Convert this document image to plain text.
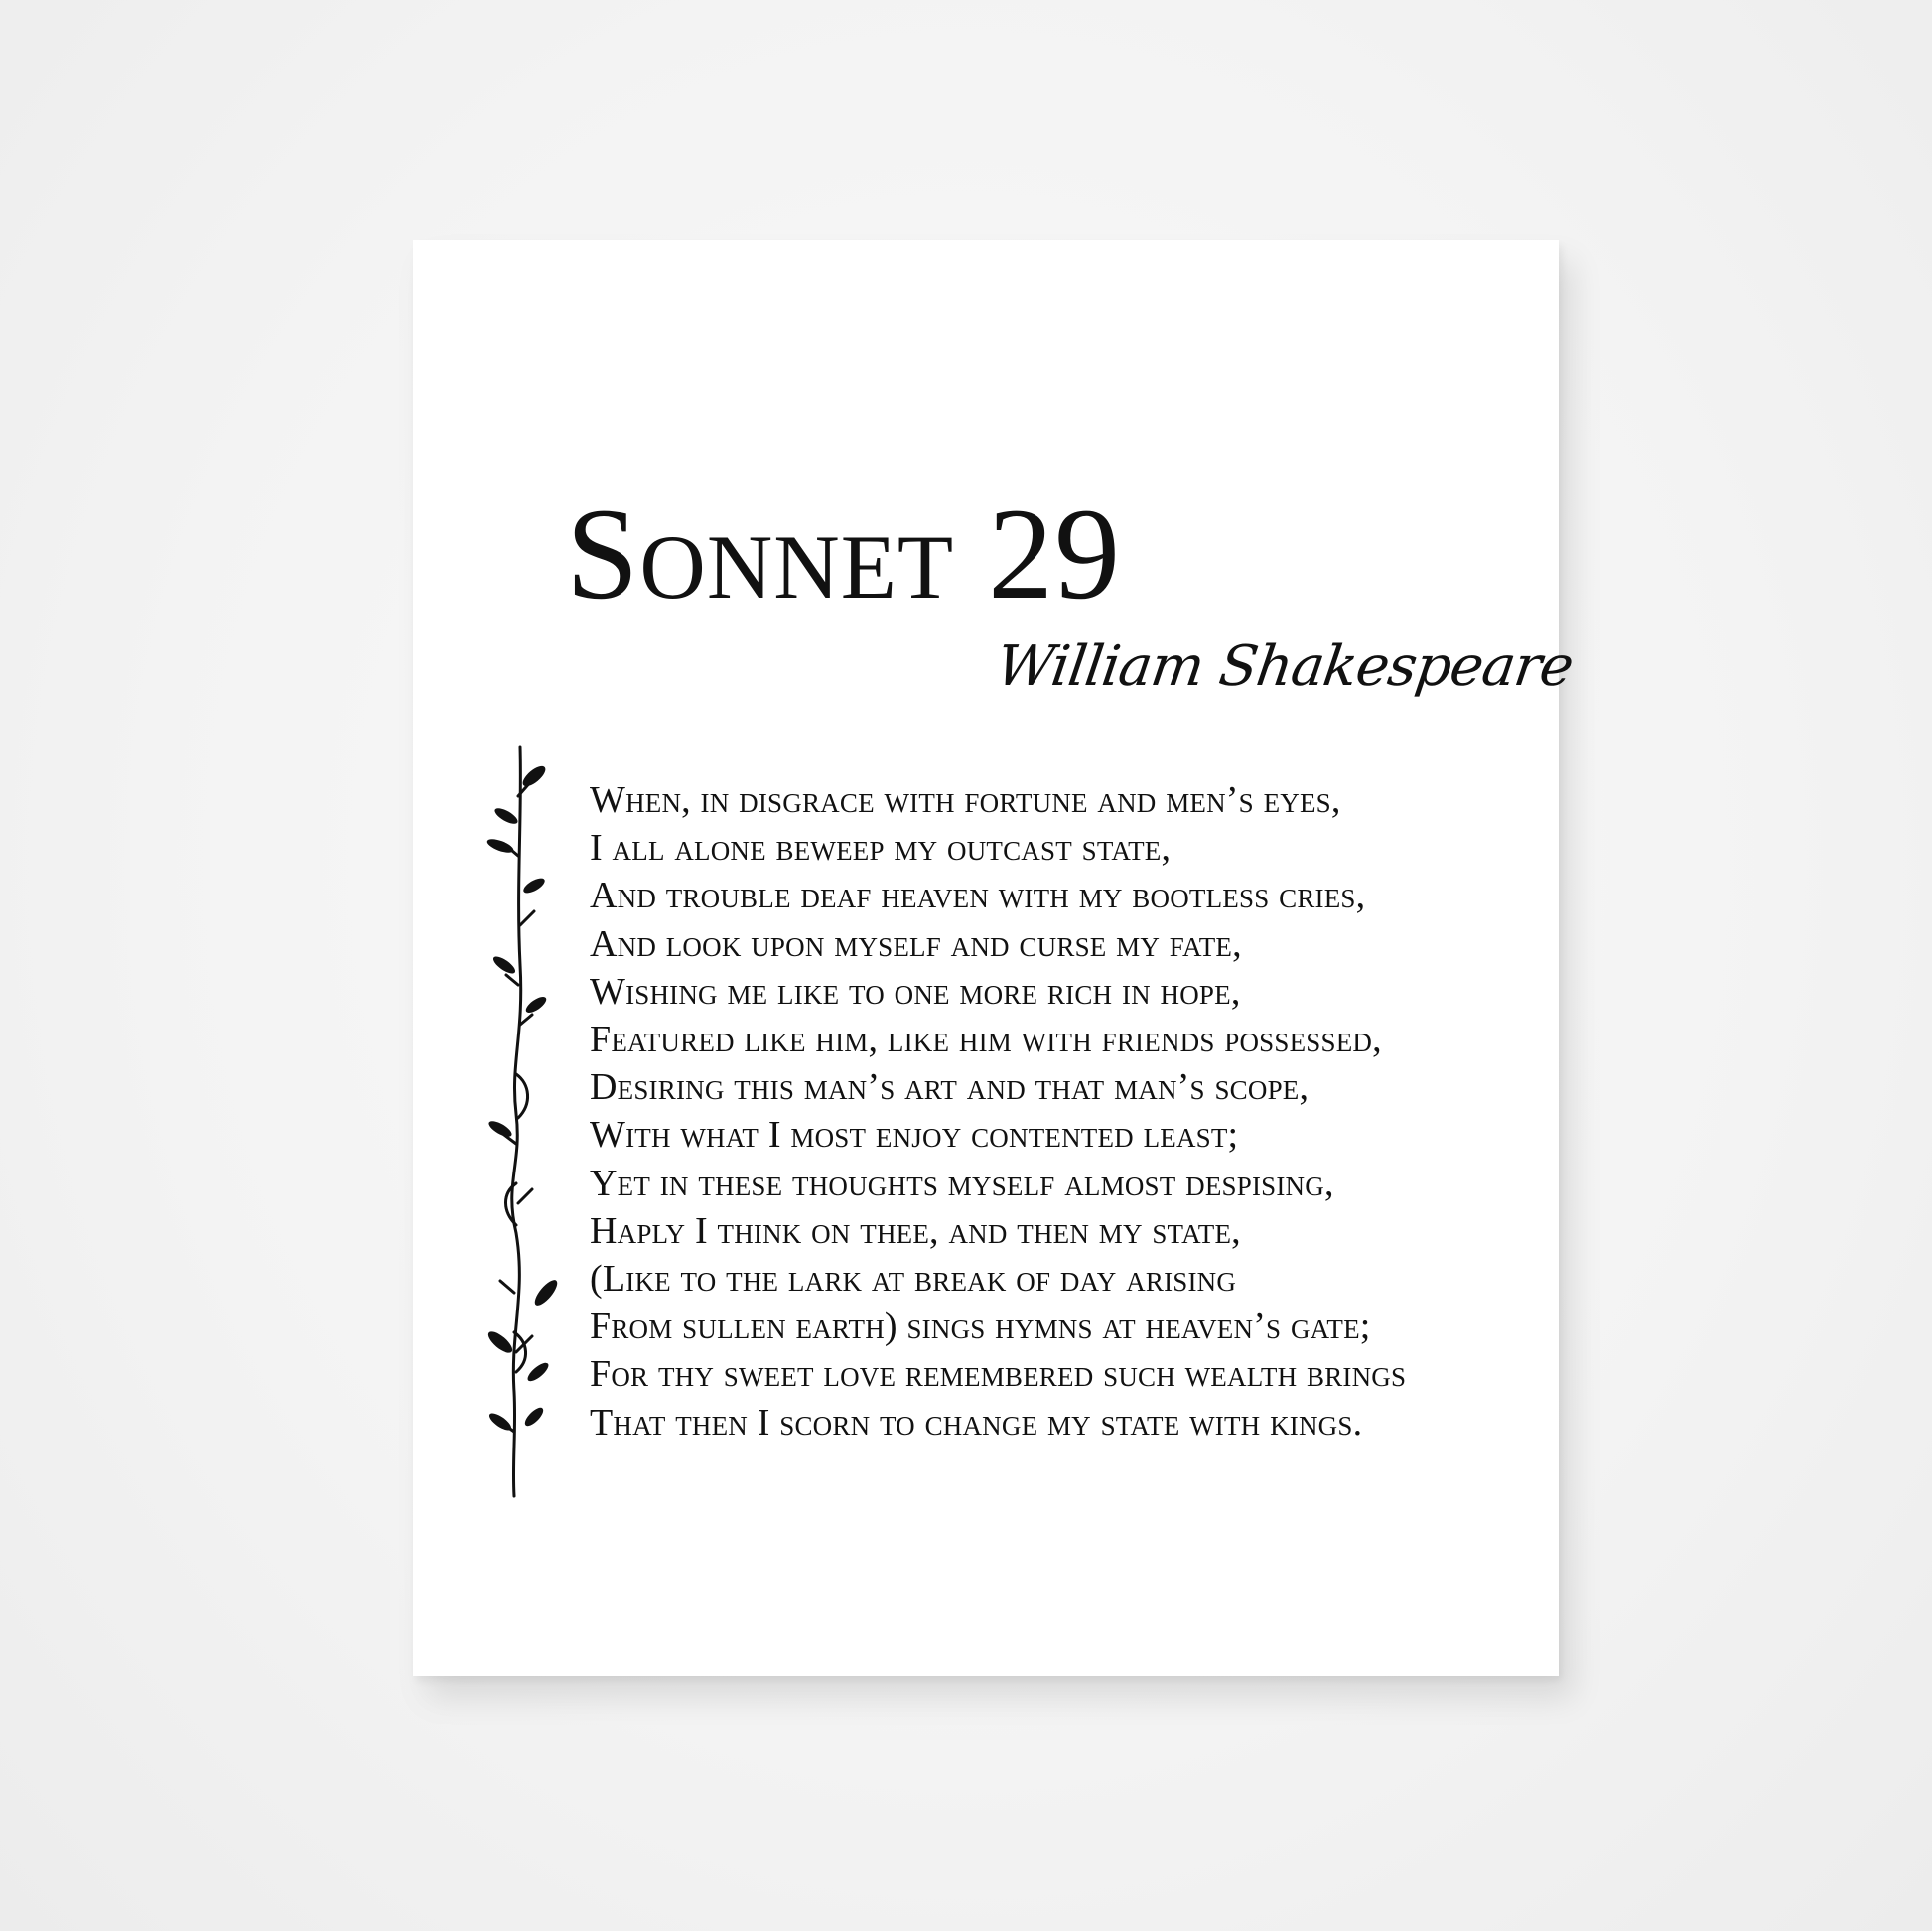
Sonnet 29
William Shakespeare
When, in disgrace with fortune and men’s eyes,
I all alone beweep my outcast state,
And trouble deaf heaven with my bootless cries,
And look upon myself and curse my fate,
Wishing me like to one more rich in hope,
Featured like him, like him with friends possessed,
Desiring this man’s art and that man’s scope,
With what I most enjoy contented least;
Yet in these thoughts myself almost despising,
Haply I think on thee, and then my state,
(Like to the lark at break of day arising
From sullen earth) sings hymns at heaven’s gate;
For thy sweet love remembered such wealth brings
That then I scorn to change my state with kings.
